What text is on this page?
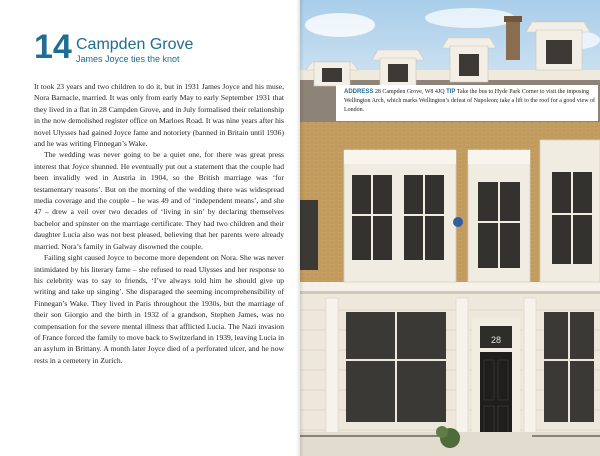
14 Campden Grove
James Joyce ties the knot

It took 23 years and two children to do it, but in 1931 James Joyce and his muse, Nora Barnacle, married. It was only from early May to early September 1931 that they lived in a flat in 28 Campden Grove, and in July formalised their relationship in the now demolished register office on Marloes Road. It was nine years after his novel Ulysses had gained Joyce fame and notoriety (banned in Britain until 1936) and he was writing Finnegan’s Wake.

The wedding was never going to be a quiet one, for there was great press interest that Joyce shunned. He eventually put out a statement that the couple had been invalidly wed in Austria in 1904, so the British marriage was ‘for testamentary reasons’. But on the morning of the wedding there was widespread media coverage and the couple – he was 49 and of ‘independent means’, and she 47 – drew a veil over two decades of ‘living in sin’ by declaring themselves bachelor and spinster on the marriage certificate. They had two children and their daughter Lucia also was not best pleased, believing that her parents were already married. Nora’s family in Galway disowned the couple.

Failing sight caused Joyce to become more dependent on Nora. She was never intimidated by his literary fame – she refused to read Ulysses and her response to his celebrity was to say to friends, ‘I’ve always told him he should give up writing and take up singing’. She disparaged the seeming incomprehensibility of Finnegan’s Wake. They lived in Paris throughout the 1930s, but the marriage of their son Giorgio and the birth in 1932 of a grandson, Stephen James, was no compensation for the severe mental illness that afflicted Lucia. The Nazi invasion of France forced the family to move back to Switzerland in 1939, leaving Lucia in an asylum in Brittany. A month later Joyce died of a perforated ulcer, and he now rests in a cemetery in Zurich.

28
ADDRESS 28 Campden Grove, W8 4JQ TIP Take the bus to Hyde Park Corner to visit the imposing Wellington Arch, which marks Wellington’s defeat of Napoleon; take a lift to the roof for a good view of London.
